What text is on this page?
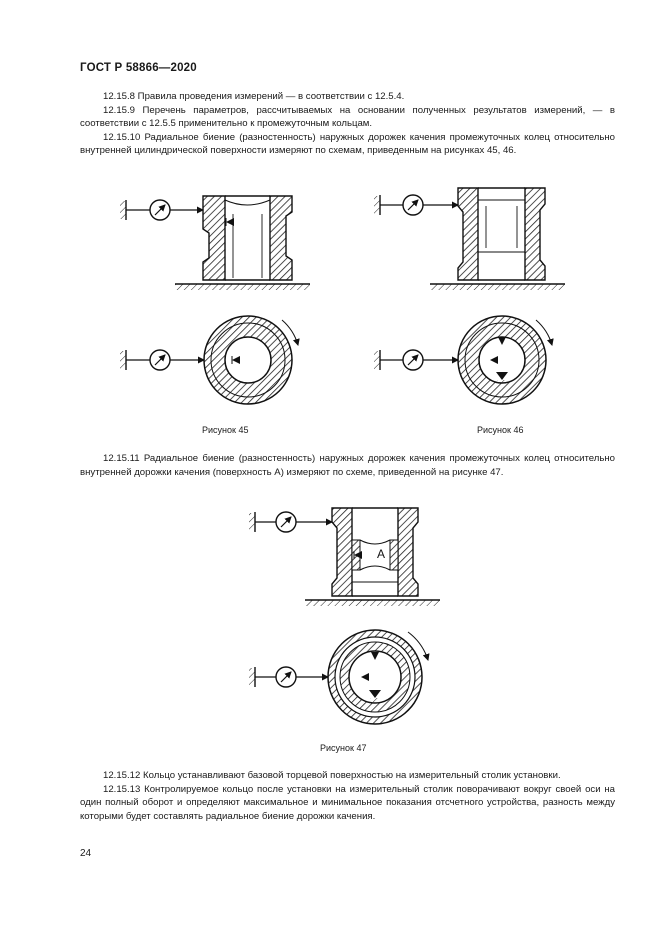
ГОСТ Р 58866—2020

12.15.8 Правила проведения измерений — в соответствии с 12.5.4.

12.15.9 Перечень параметров, рассчитываемых на основании полученных результатов измерений, — в соответствии с 12.5.5 применительно к промежуточным кольцам.

12.15.10 Радиальное биение (разностенность) наружных дорожек качения промежуточных колец относительно внутренней цилиндрической поверхности измеряют по схемам, приведенным на рисунках 45, 46.

A
Рисунок 45	Рисунок 46

12.15.11 Радиальное биение (разностенность) наружных дорожек качения промежуточных колец относительно внутренней дорожки качения (поверхность А) измеряют по схеме, приведенной на рисунке 47.

Рисунок 47

12.15.12 Кольцо устанавливают базовой торцевой поверхностью на измерительный столик установки.

12.15.13 Контролируемое кольцо после установки на измерительный столик поворачивают вокруг своей оси на один полный оборот и определяют максимальное и минимальное показания отсчетного устройства, разность между которыми будет составлять радиальное биение дорожки качения.

24
